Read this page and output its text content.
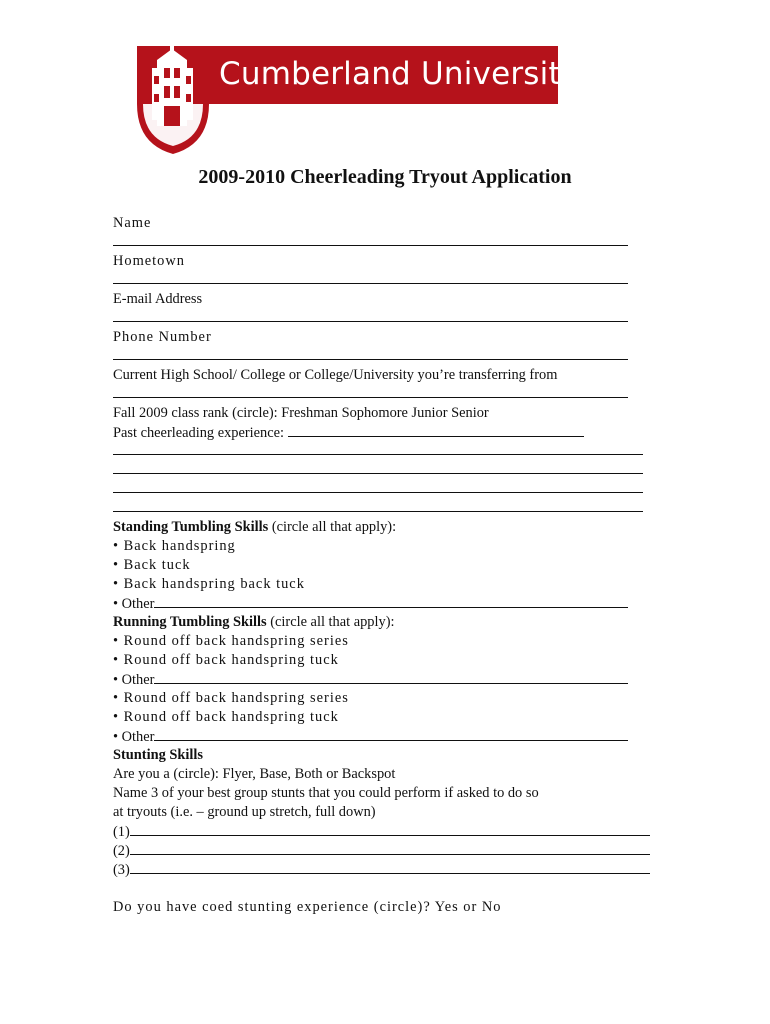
Cumberland University
2009-2010 Cheerleading Tryout Application
Name
Hometown
E-mail Address
Phone Number
Current High School/ College or College/University you’re transferring from
Fall 2009 class rank (circle): Freshman Sophomore Junior Senior
Past cheerleading experience:
Standing Tumbling Skills (circle all that apply):
• Back handspring
• Back tuck
• Back handspring back tuck
• Other
Running Tumbling Skills (circle all that apply):
• Round off back handspring series
• Round off back handspring tuck
• Other
• Round off back handspring series
• Round off back handspring tuck
• Other
Stunting Skills
Are you a (circle): Flyer, Base, Both or Backspot
Name 3 of your best group stunts that you could perform if asked to do so
at tryouts (i.e. – ground up stretch, full down)
(1)
(2)
(3)
Do you have coed stunting experience (circle)? Yes or No
